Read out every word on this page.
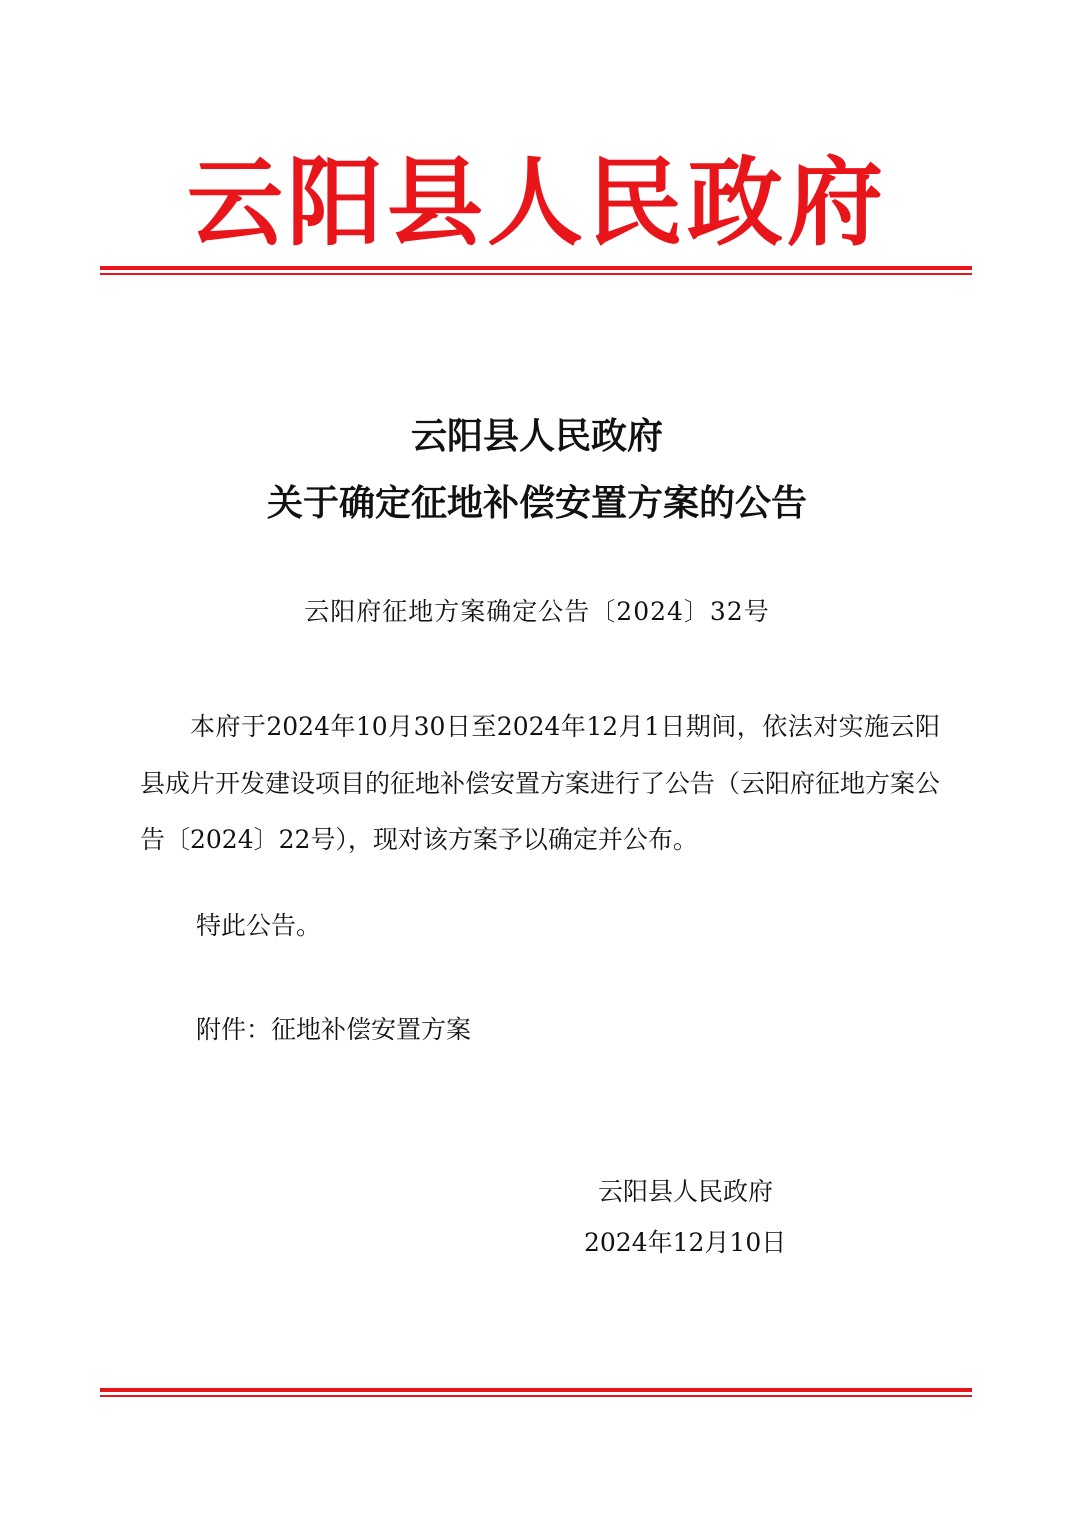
云阳县人民政府
云阳县人民政府
关于确定征地补偿安置方案的公告
云阳府征地方案确定公告〔2024〕32号

本府于2024年10月30日至2024年12月1日期间，依法对实施云阳县成片开发建设项目的征地补偿安置方案进行了公告（云阳府征地方案公告〔2024〕22号），现对该方案予以确定并公布。

特此公告。
附件：征地补偿安置方案
云阳县人民政府
2024年12月10日
